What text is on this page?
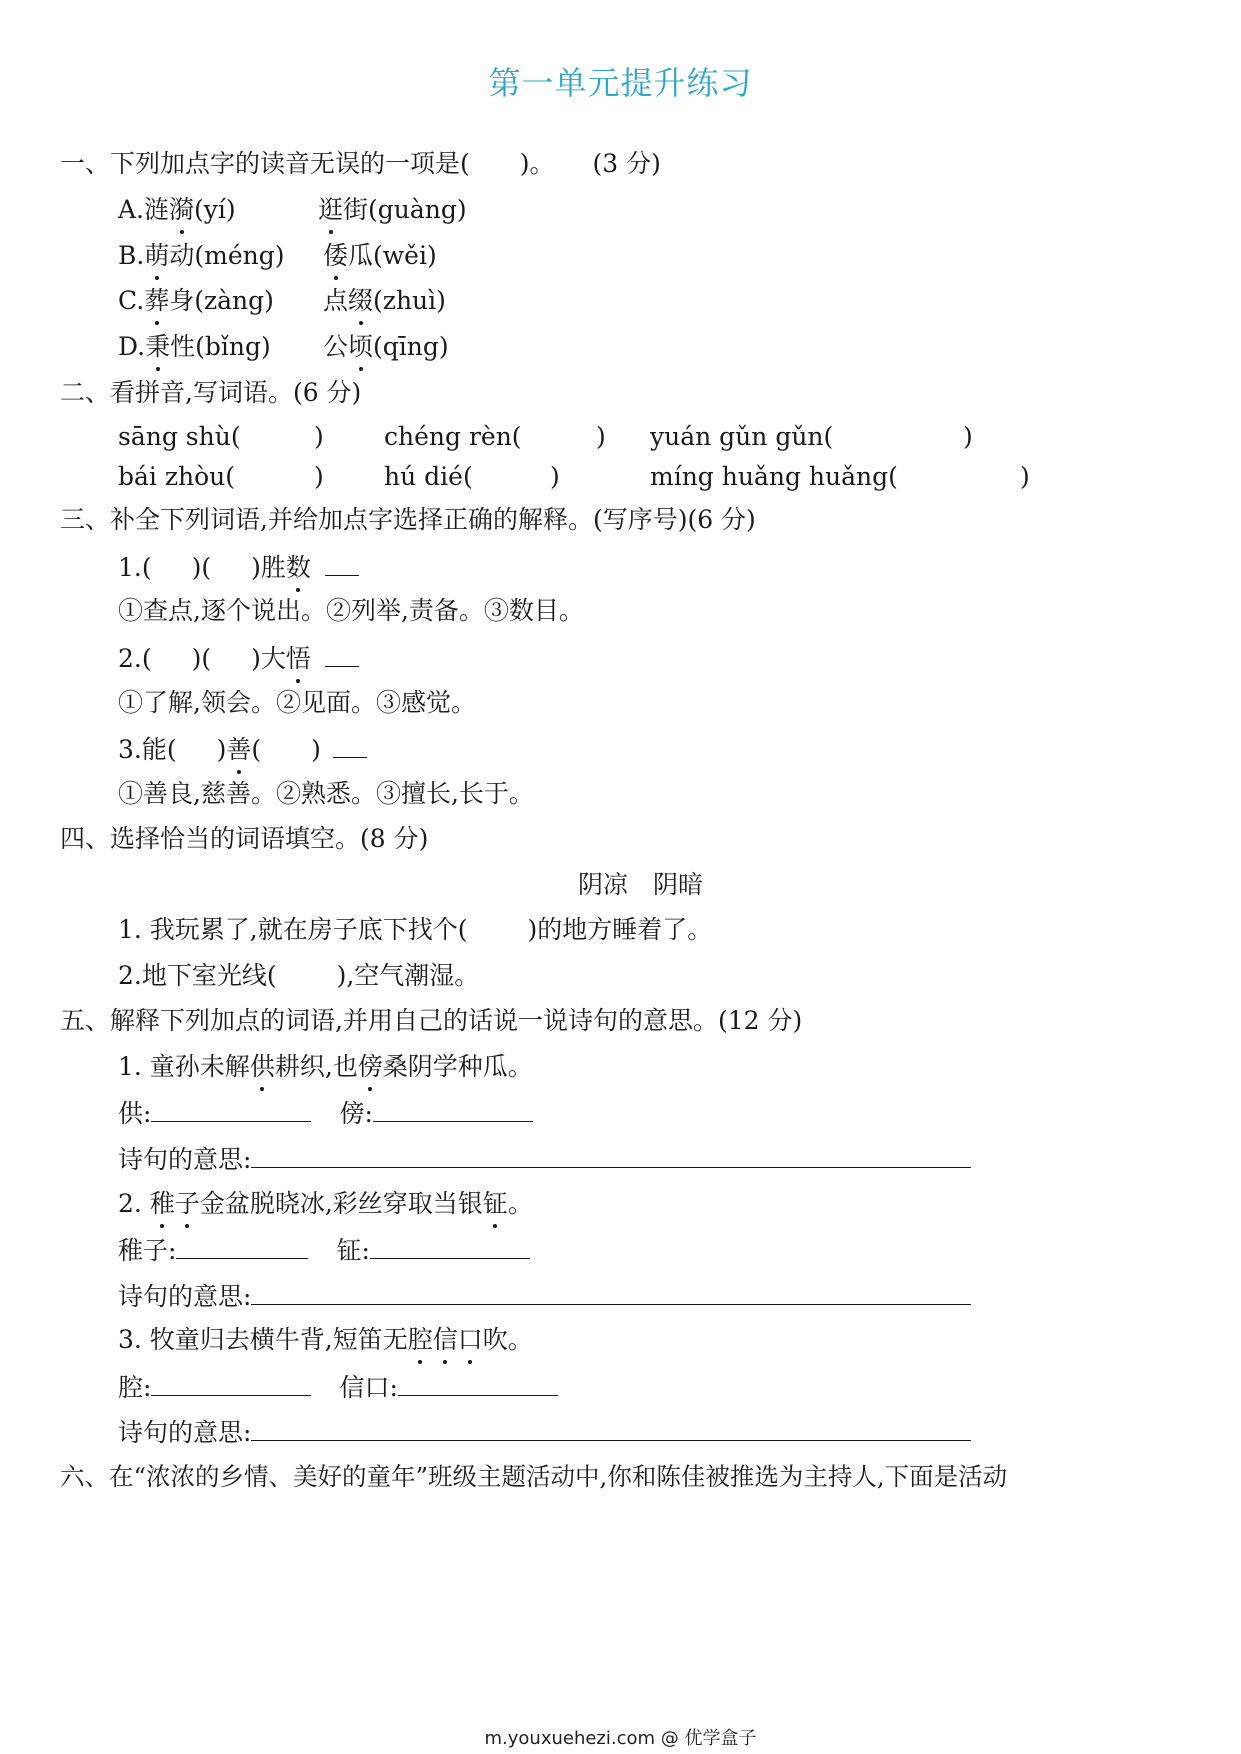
第一单元提升练习
一、下列加点字的读音无误的一项是(　　)。 (3 分)
A.涟漪(yí)	逛街(guàng)
B.萌动(méng) 倭瓜(wěi)
C.葬身(zàng) 点缀(zhuì)
D.秉性(bǐng) 公顷(qīng)
二、看拼音,写词语。(6 分)
sāng shù(	) chéng rèn(	) yuán gǔn gǔn(	)
bái zhòu(	) hú dié(	)	míng huǎng huǎng(	)
三、补全下列词语,并给加点字选择正确的解释。(写序号)(6 分)
1.( )( )胜数
①查点,逐个说出。②列举,责备。③数目。
2.( )( )大悟
①了解,领会。②见面。③感觉。
3.能( )善(　　)
①善良,慈善。②熟悉。③擅长,长于。
四、选择恰当的词语填空。(8 分)
阴凉　阴暗
1. 我玩累了,就在房子底下找个( )的地方睡着了。
2.地下室光线( ),空气潮湿。
五、解释下列加点的词语,并用自己的话说一说诗句的意思。(12 分)
1. 童孙未解供耕织,也傍桑阴学种瓜。
供:	傍:
诗句的意思:
2. 稚子金盆脱晓冰,彩丝穿取当银钲。
稚子:	钲:
诗句的意思:
3. 牧童归去横牛背,短笛无腔信口吹。
腔:	信口:
诗句的意思:
六、在“浓浓的乡情、美好的童年”班级主题活动中,你和陈佳被推选为主持人,下面是活动
m.youxuehezi.com @ 优学盒子
